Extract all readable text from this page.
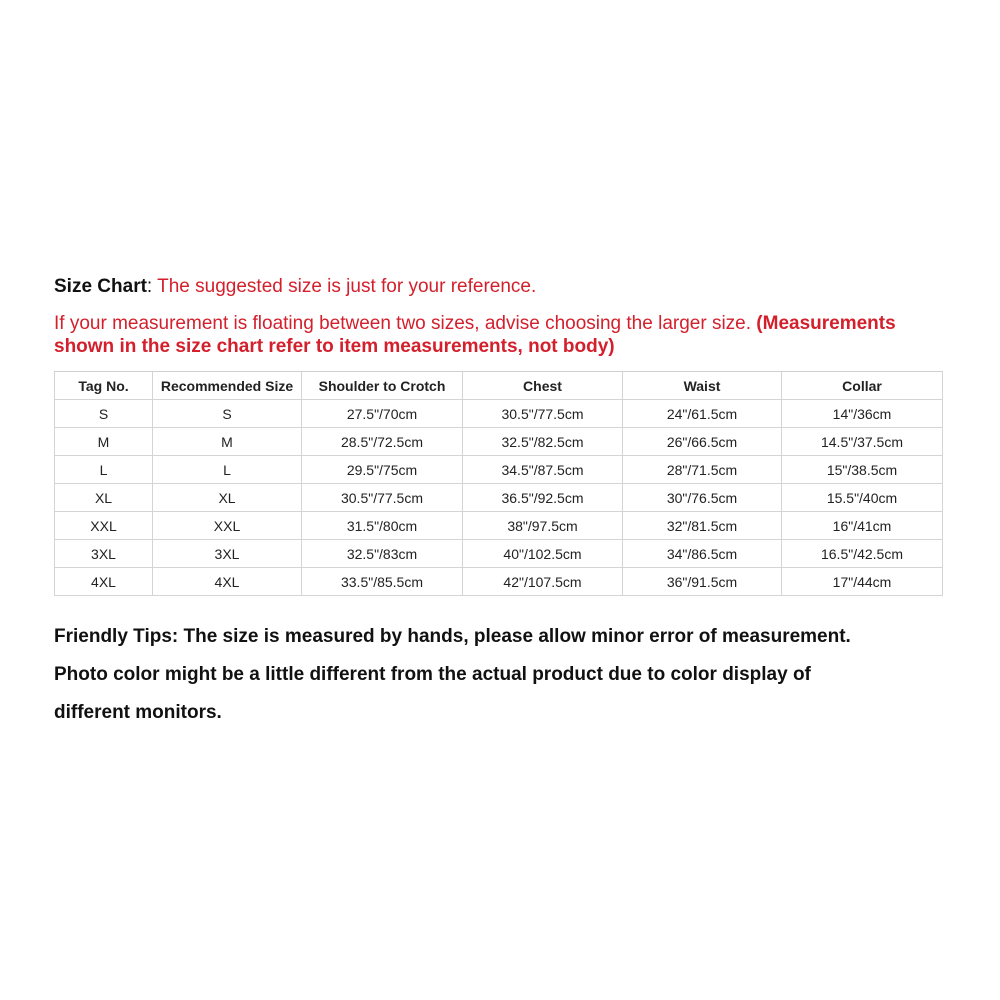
Size Chart: The suggested size is just for your reference.
If your measurement is floating between two sizes, advise choosing the larger size. (Measurements shown in the size chart refer to item measurements, not body)
Tag No.	Recommended Size	Shoulder to Crotch	Chest	Waist	Collar
S	S	27.5"/70cm	30.5"/77.5cm	24"/61.5cm	14"/36cm
M	M	28.5"/72.5cm	32.5"/82.5cm	26"/66.5cm	14.5"/37.5cm
L	L	29.5"/75cm	34.5"/87.5cm	28"/71.5cm	15"/38.5cm
XL	XL	30.5"/77.5cm	36.5"/92.5cm	30"/76.5cm	15.5"/40cm
XXL	XXL	31.5"/80cm	38"/97.5cm	32"/81.5cm	16"/41cm
3XL	3XL	32.5"/83cm	40"/102.5cm	34"/86.5cm	16.5"/42.5cm
4XL	4XL	33.5"/85.5cm	42"/107.5cm	36"/91.5cm	17"/44cm
Friendly Tips: The size is measured by hands, please allow minor error of measurement.
Photo color might be a little different from the actual product due to color display of
different monitors.
